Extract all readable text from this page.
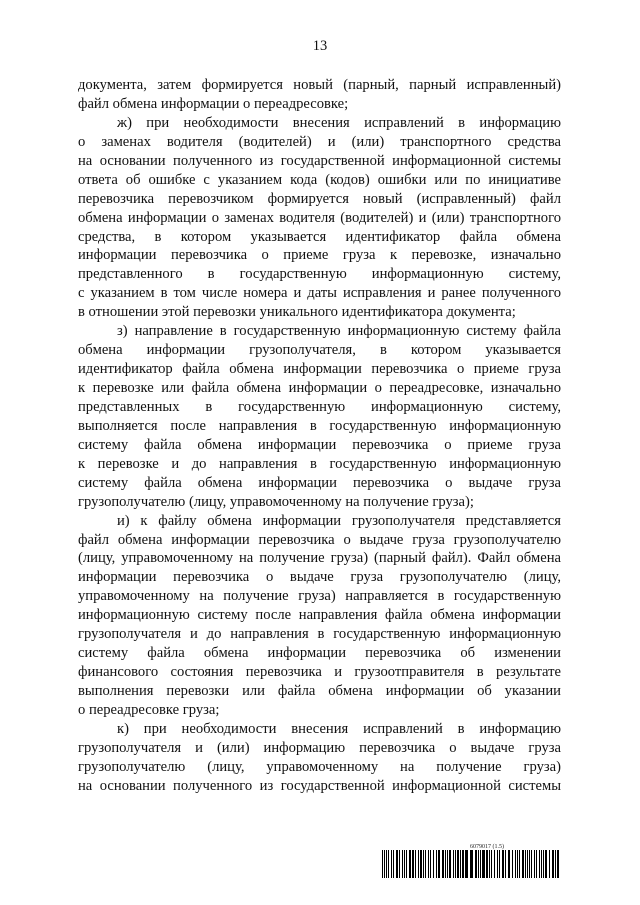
13
документа, затем формируется новый (парный, парный исправленный)
файл обмена информации о переадресовке;
ж) при необходимости внесения исправлений в информацию
о заменах водителя (водителей) и (или) транспортного средства
на основании полученного из государственной информационной системы
ответа об ошибке с указанием кода (кодов) ошибки или по инициативе
перевозчика перевозчиком формируется новый (исправленный) файл
обмена информации о заменах водителя (водителей) и (или) транспортного
средства, в котором указывается идентификатор файла обмена
информации перевозчика о приеме груза к перевозке, изначально
представленного в государственную информационную систему,
с указанием в том числе номера и даты исправления и ранее полученного
в отношении этой перевозки уникального идентификатора документа;
з) направление в государственную информационную систему файла
обмена информации грузополучателя, в котором указывается
идентификатор файла обмена информации перевозчика о приеме груза
к перевозке или файла обмена информации о переадресовке, изначально
представленных в государственную информационную систему,
выполняется после направления в государственную информационную
систему файла обмена информации перевозчика о приеме груза
к перевозке и до направления в государственную информационную
систему файла обмена информации перевозчика о выдаче груза
грузополучателю (лицу, управомоченному на получение груза);
и) к файлу обмена информации грузополучателя представляется
файл обмена информации перевозчика о выдаче груза грузополучателю
(лицу, управомоченному на получение груза) (парный файл). Файл обмена
информации перевозчика о выдаче груза грузополучателю (лицу,
управомоченному на получение груза) направляется в государственную
информационную систему после направления файла обмена информации
грузополучателя и до направления в государственную информационную
систему файла обмена информации перевозчика об изменении
финансового состояния перевозчика и грузоотправителя в результате
выполнения перевозки или файла обмена информации об указании
о переадресовке груза;
к) при необходимости внесения исправлений в информацию
грузополучателя и (или) информацию перевозчика о выдаче груза
грузополучателю (лицу, управомоченному на получение груза)
на основании полученного из государственной информационной системы
6079017 (1.5)
